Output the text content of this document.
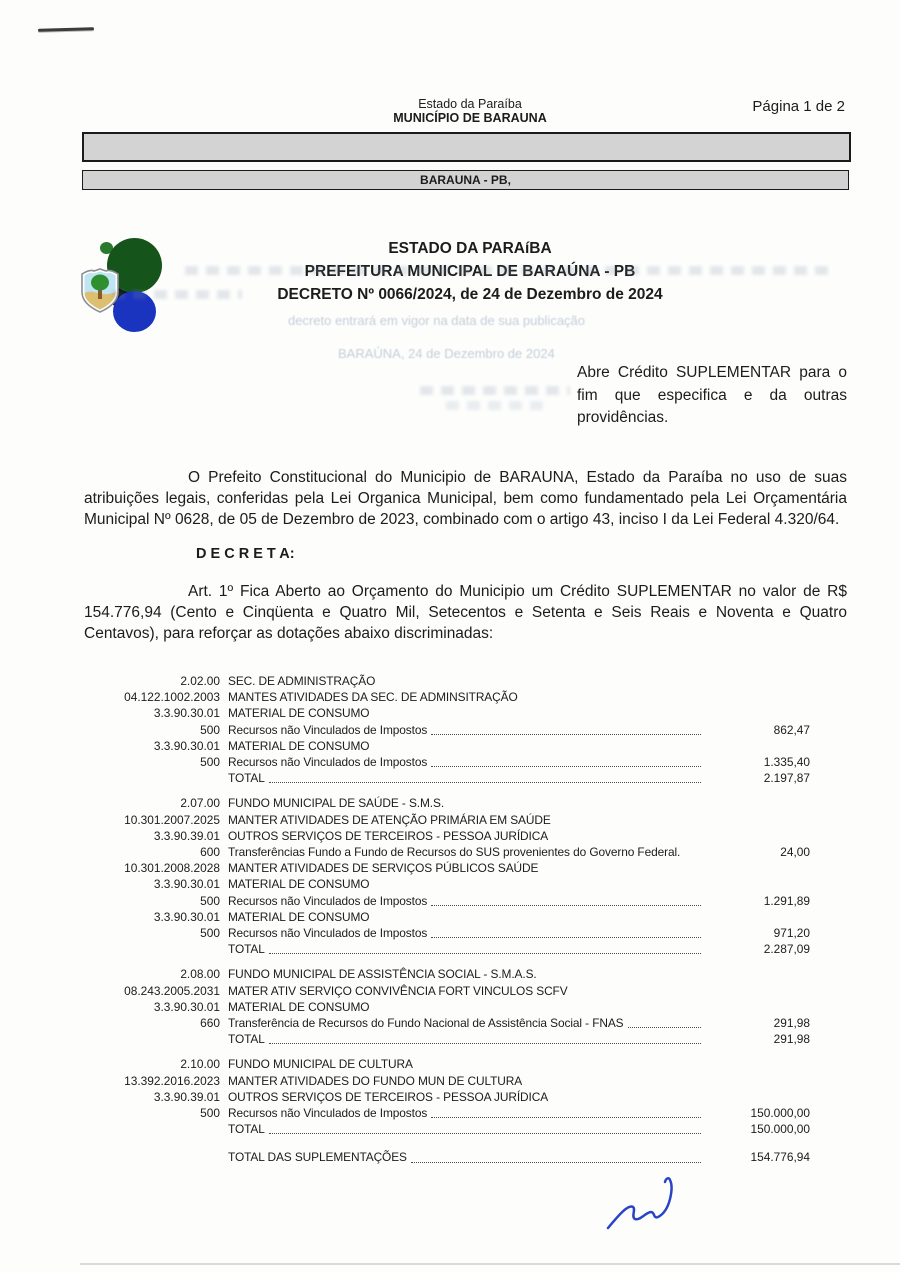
Estado da Paraíba
MUNICÍPIO DE BARAUNA
Página 1 de 2
BARAUNA - PB,
ESTADO DA PARAíBA
PREFEITURA MUNICIPAL DE BARAÚNA - PB
DECRETO Nº 0066/2024, de 24 de Dezembro de 2024
decreto entrará em vigor na data de sua publicação
BARAÚNA, 24 de Dezembro de 2024
Abre Crédito SUPLEMENTAR para o fim que especifica e da outras providências.
O Prefeito Constitucional do Municipio de BARAUNA, Estado da Paraíba no uso de suas atribuições legais, conferidas pela Lei Organica Municipal, bem como fundamentado pela Lei Orçamentária Municipal Nº 0628, de 05 de Dezembro de 2023, combinado com o artigo 43, inciso I da Lei Federal 4.320/64.
D E C R E T A:
Art. 1º Fica Aberto ao Orçamento do Municipio um Crédito SUPLEMENTAR no valor de R$ 154.776,94 (Cento e Cinqüenta e Quatro Mil, Setecentos e Setenta e Seis Reais e Noventa e Quatro Centavos), para reforçar as dotações abaixo discriminadas:
2.02.00 SEC. DE ADMINISTRAÇÃO
04.122.1002.2003 MANTES ATIVIDADES DA SEC. DE ADMINSITRAÇÃO
3.3.90.30.01 MATERIAL DE CONSUMO
500 Recursos não Vinculados de Impostos	862,47
3.3.90.30.01 MATERIAL DE CONSUMO
500 Recursos não Vinculados de Impostos	1.335,40
TOTAL	2.197,87
2.07.00 FUNDO MUNICIPAL DE SAÚDE - S.M.S.
10.301.2007.2025 MANTER ATIVIDADES DE ATENÇÃO PRIMÁRIA EM SAÚDE
3.3.90.39.01 OUTROS SERVIÇOS DE TERCEIROS - PESSOA JURÍDICA
600 Transferências Fundo a Fundo de Recursos do SUS provenientes do Governo Federal.	24,00
10.301.2008.2028 MANTER ATIVIDADES DE SERVIÇOS PÚBLICOS SAÚDE
3.3.90.30.01 MATERIAL DE CONSUMO
500 Recursos não Vinculados de Impostos	1.291,89
3.3.90.30.01 MATERIAL DE CONSUMO
500 Recursos não Vinculados de Impostos	971,20
TOTAL	2.287,09
2.08.00 FUNDO MUNICIPAL DE ASSISTÊNCIA SOCIAL - S.M.A.S.
08.243.2005.2031 MATER ATIV SERVIÇO CONVIVÊNCIA FORT VINCULOS SCFV
3.3.90.30.01 MATERIAL DE CONSUMO
660 Transferência de Recursos do Fundo Nacional de Assistência Social - FNAS	291,98
TOTAL	291,98
2.10.00 FUNDO MUNICIPAL DE CULTURA
13.392.2016.2023 MANTER ATIVIDADES DO FUNDO MUN DE CULTURA
3.3.90.39.01 OUTROS SERVIÇOS DE TERCEIROS - PESSOA JURÍDICA
500 Recursos não Vinculados de Impostos	150.000,00
TOTAL	150.000,00
TOTAL DAS SUPLEMENTAÇÕES	154.776,94
